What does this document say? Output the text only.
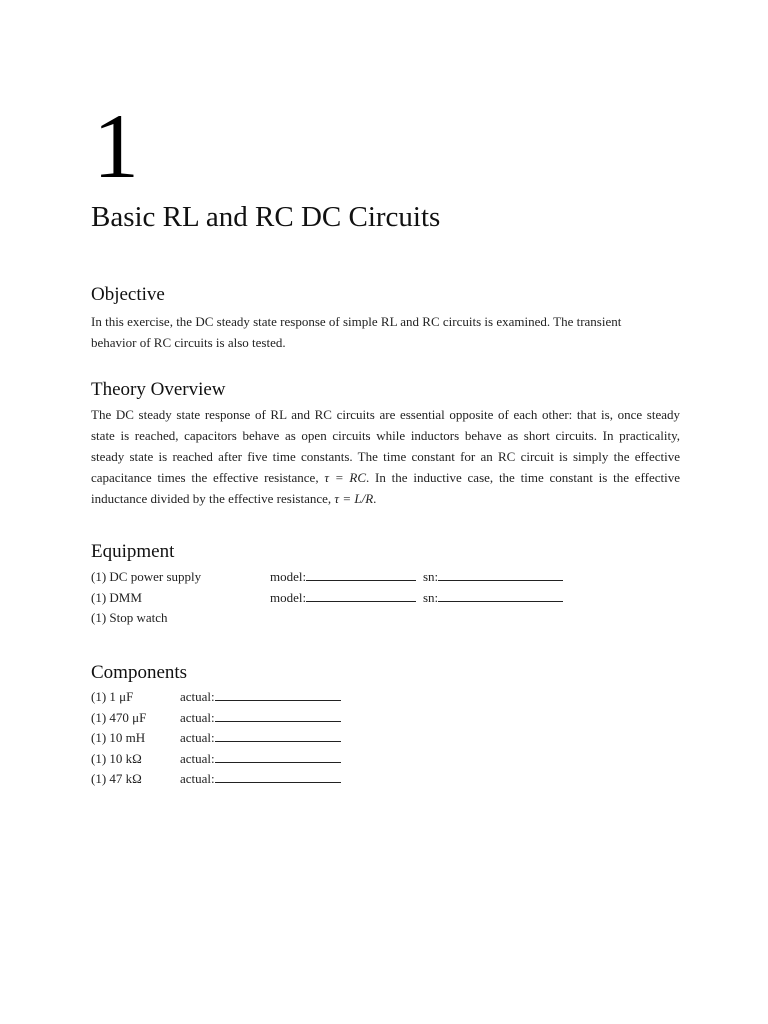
1
Basic RL and RC DC Circuits
Objective

In this exercise, the DC steady state response of simple RL and RC circuits is examined. The transient
behavior of RC circuits is also tested.

Theory Overview

The DC steady state response of RL and RC circuits are essential opposite of each other: that is, once steady state is reached, capacitors behave as open circuits while inductors behave as short circuits. In practicality, steady state is reached after five time constants. The time constant for an RC circuit is simply the effective capacitance times the effective resistance, τ = RC. In the inductive case, the time constant is the effective inductance divided by the effective resistance, τ = L/R.

Equipment
(1) DC power supply	model:	sn:
(1) DMM	model:	sn:
(1) Stop watch
Components
(1) 1 μF	actual:
(1) 470 μF	actual:
(1) 10 mH	actual:
(1) 10 kΩ	actual:
(1) 47 kΩ	actual:
